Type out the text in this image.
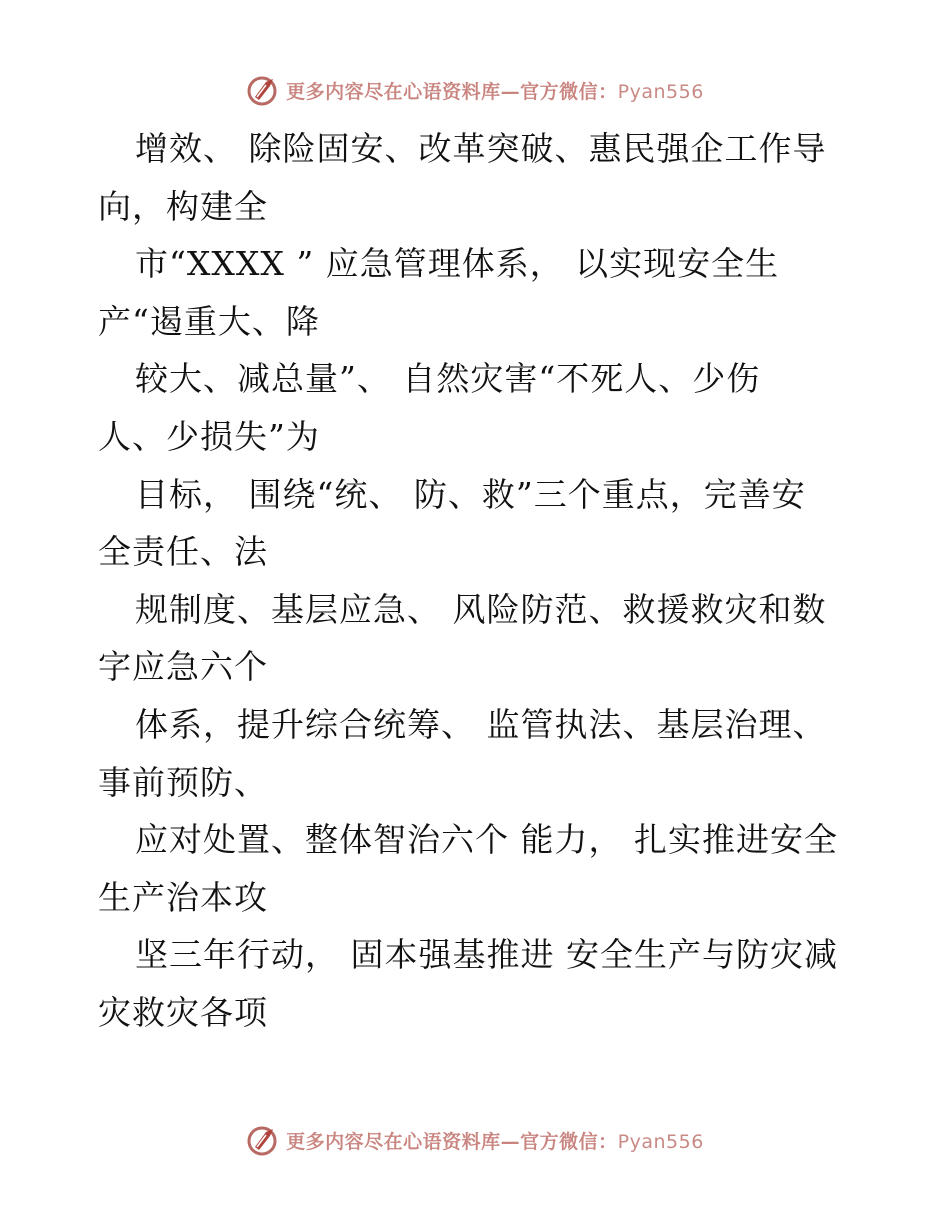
更多内容尽在心语资料库—官方微信：Pyan556
增效、 除险固安、改革突破、惠民强企工作导
向，构建全
市“XXXX ” 应急管理体系， 以实现安全生
产“遏重大、降
较大、减总量”、 自然灾害“不死人、少伤
人、少损失”为
目标， 围绕“统、 防、救”三个重点，完善安
全责任、法
规制度、基层应急、 风险防范、救援救灾和数
字应急六个
体系，提升综合统筹、 监管执法、基层治理、
事前预防、
应对处置、整体智治六个 能力， 扎实推进安全
生产治本攻
坚三年行动， 固本强基推进 安全生产与防灾减
灾救灾各项
更多内容尽在心语资料库—官方微信：Pyan556
